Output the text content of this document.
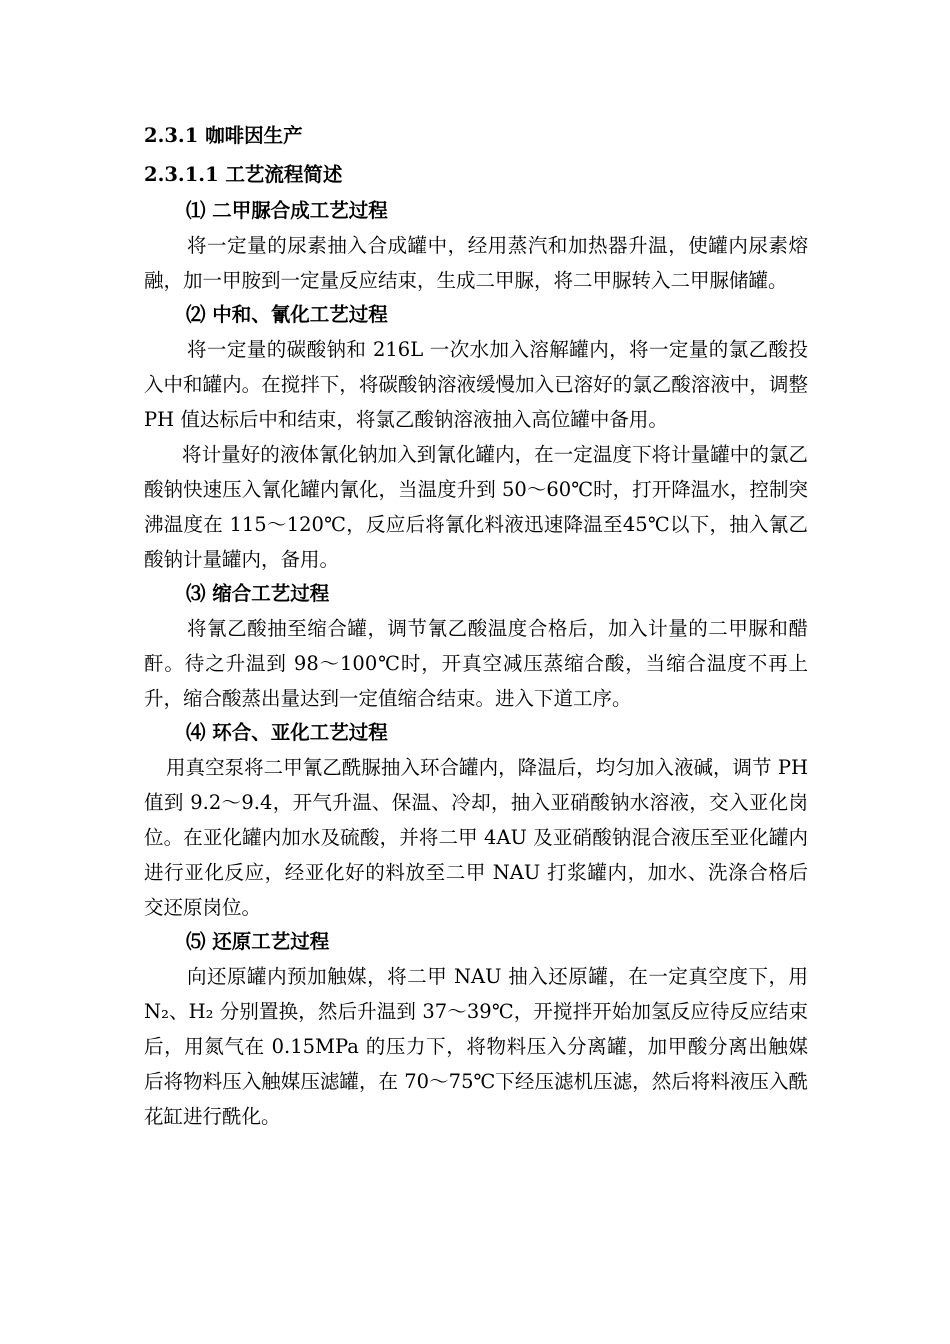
2.3.1 咖啡因生产

2.3.1.1 工艺流程简述

⑴ 二甲脲合成工艺过程

将一定量的尿素抽入合成罐中，经用蒸汽和加热器升温，使罐内尿素熔融，加一甲胺到一定量反应结束，生成二甲脲，将二甲脲转入二甲脲储罐。

⑵ 中和、氰化工艺过程

将一定量的碳酸钠和 216L 一次水加入溶解罐内，将一定量的氯乙酸投入中和罐内。在搅拌下，将碳酸钠溶液缓慢加入已溶好的氯乙酸溶液中，调整 PH 值达标后中和结束，将氯乙酸钠溶液抽入高位罐中备用。

将计量好的液体氰化钠加入到氰化罐内，在一定温度下将计量罐中的氯乙酸钠快速压入氰化罐内氰化，当温度升到 50～60℃时，打开降温水，控制突沸温度在 115～120℃，反应后将氰化料液迅速降温至45℃以下，抽入氰乙酸钠计量罐内，备用。

⑶ 缩合工艺过程

将氰乙酸抽至缩合罐，调节氰乙酸温度合格后，加入计量的二甲脲和醋酐。待之升温到 98～100℃时，开真空减压蒸缩合酸，当缩合温度不再上升，缩合酸蒸出量达到一定值缩合结束。进入下道工序。

⑷ 环合、亚化工艺过程

用真空泵将二甲氰乙酰脲抽入环合罐内，降温后，均匀加入液碱，调节 PH 值到 9.2～9.4，开气升温、保温、冷却，抽入亚硝酸钠水溶液，交入亚化岗位。在亚化罐内加水及硫酸，并将二甲 4AU 及亚硝酸钠混合液压至亚化罐内进行亚化反应，经亚化好的料放至二甲 NAU 打浆罐内，加水、洗涤合格后交还原岗位。

⑸ 还原工艺过程

向还原罐内预加触媒，将二甲 NAU 抽入还原罐，在一定真空度下，用 N₂、H₂ 分别置换，然后升温到 37～39℃，开搅拌开始加氢反应待反应结束后，用氮气在 0.15MPa 的压力下，将物料压入分离罐，加甲酸分离出触媒后将物料压入触媒压滤罐，在 70～75℃下经压滤机压滤，然后将料液压入酰花缸进行酰化。
